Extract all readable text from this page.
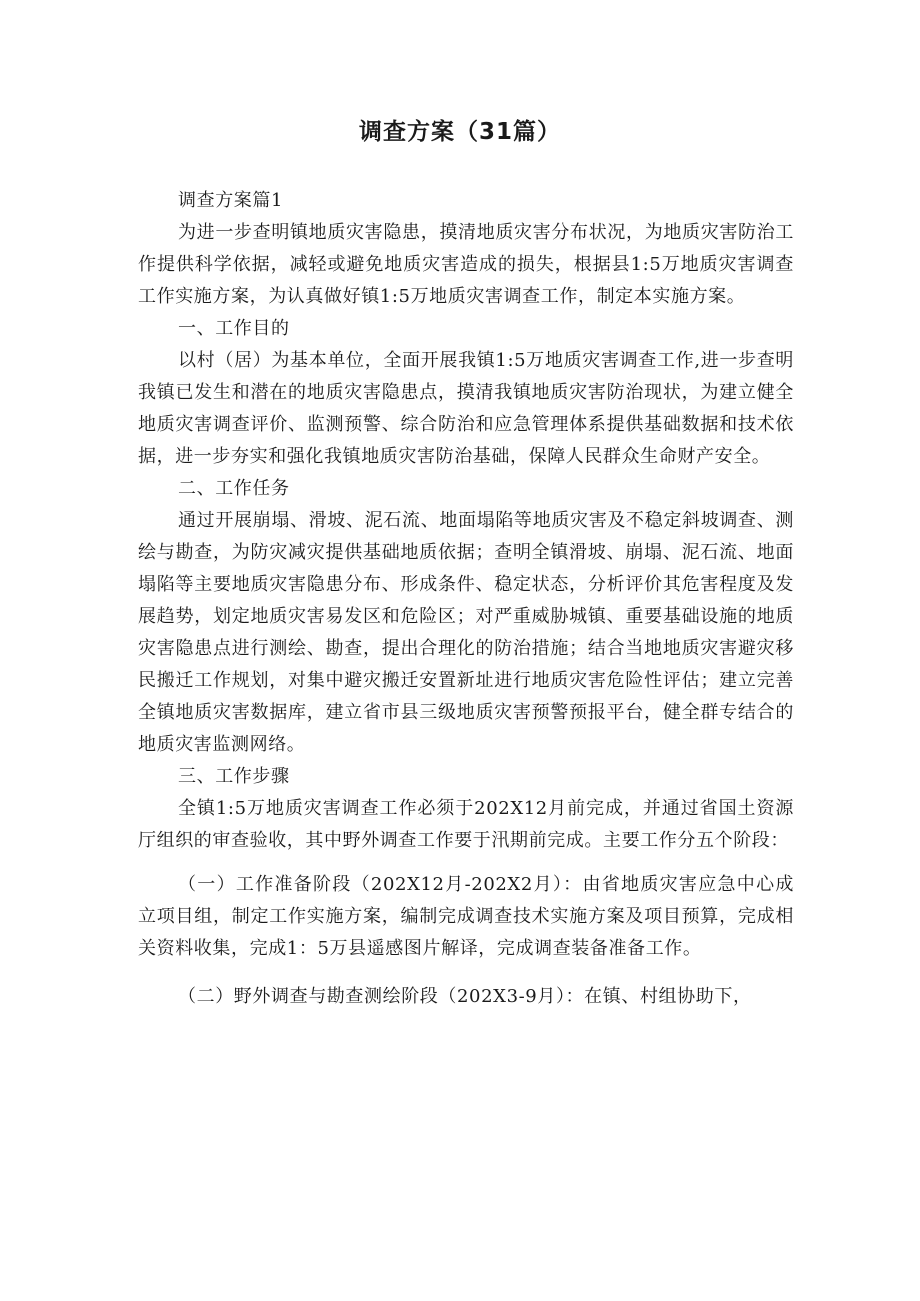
调查方案（31篇）

调查方案篇1

为进一步查明镇地质灾害隐患，摸清地质灾害分布状况，为地质灾害防治工作提供科学依据，减轻或避免地质灾害造成的损失，根据县1:5万地质灾害调查工作实施方案，为认真做好镇1:5万地质灾害调查工作，制定本实施方案。

一、工作目的

以村（居）为基本单位，全面开展我镇1:5万地质灾害调查工作,进一步查明我镇已发生和潜在的地质灾害隐患点，摸清我镇地质灾害防治现状，为建立健全地质灾害调查评价、监测预警、综合防治和应急管理体系提供基础数据和技术依据，进一步夯实和强化我镇地质灾害防治基础，保障人民群众生命财产安全。

二、工作任务

通过开展崩塌、滑坡、泥石流、地面塌陷等地质灾害及不稳定斜坡调查、测绘与勘查，为防灾减灾提供基础地质依据；查明全镇滑坡、崩塌、泥石流、地面塌陷等主要地质灾害隐患分布、形成条件、稳定状态，分析评价其危害程度及发展趋势，划定地质灾害易发区和危险区；对严重威胁城镇、重要基础设施的地质灾害隐患点进行测绘、勘查，提出合理化的防治措施；结合当地地质灾害避灾移民搬迁工作规划，对集中避灾搬迁安置新址进行地质灾害危险性评估；建立完善全镇地质灾害数据库，建立省市县三级地质灾害预警预报平台，健全群专结合的地质灾害监测网络。

三、工作步骤

全镇1:5万地质灾害调查工作必须于202X12月前完成，并通过省国土资源厅组织的审查验收，其中野外调查工作要于汛期前完成。主要工作分五个阶段：

（一）工作准备阶段（202X12月-202X2月）：由省地质灾害应急中心成立项目组，制定工作实施方案，编制完成调查技术实施方案及项目预算，完成相关资料收集，完成1：5万县遥感图片解译，完成调查装备准备工作。

（二）野外调查与勘查测绘阶段（202X3-9月）：在镇、村组协助下，
